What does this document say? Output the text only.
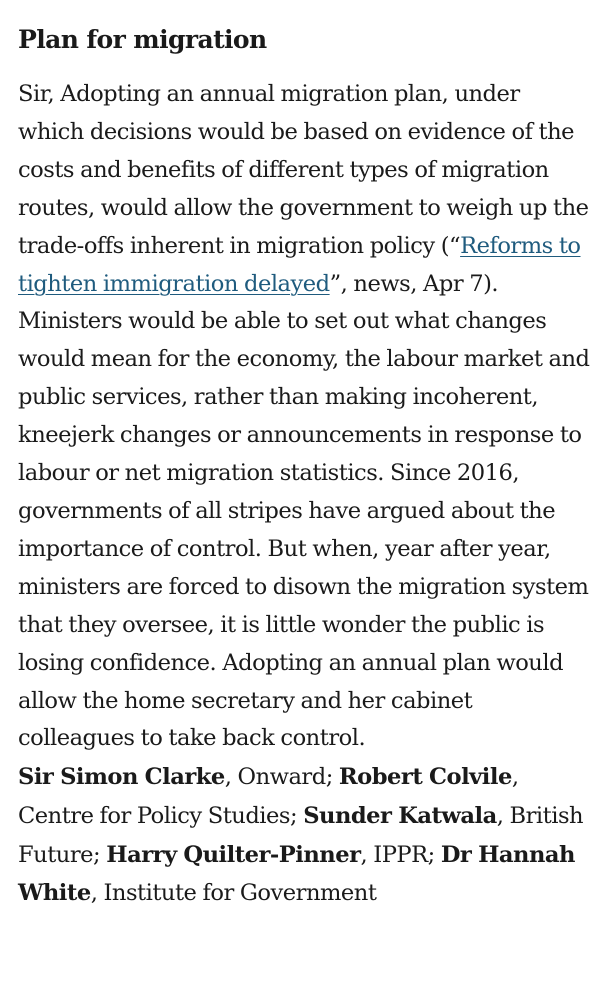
Plan for migration

Sir, Adopting an annual migration plan, under which decisions would be based on evidence of the costs and benefits of different types of migration routes, would allow the government to weigh up the trade-offs inherent in migration policy (“Reforms to tighten immigration delayed”, news, Apr 7). Ministers would be able to set out what changes would mean for the economy, the labour market and public services, rather than making incoherent, kneejerk changes or announcements in response to labour or net migration statistics. Since 2016, governments of all stripes have argued about the importance of control. But when, year after year, ministers are forced to disown the migration system that they oversee, it is little wonder the public is losing confidence. Adopting an annual plan would allow the home secretary and her cabinet colleagues to take back control.

Sir Simon Clarke, Onward; Robert Colvile, Centre for Policy Studies; Sunder Katwala, British Future; Harry Quilter-Pinner, IPPR; Dr Hannah White, Institute for Government
